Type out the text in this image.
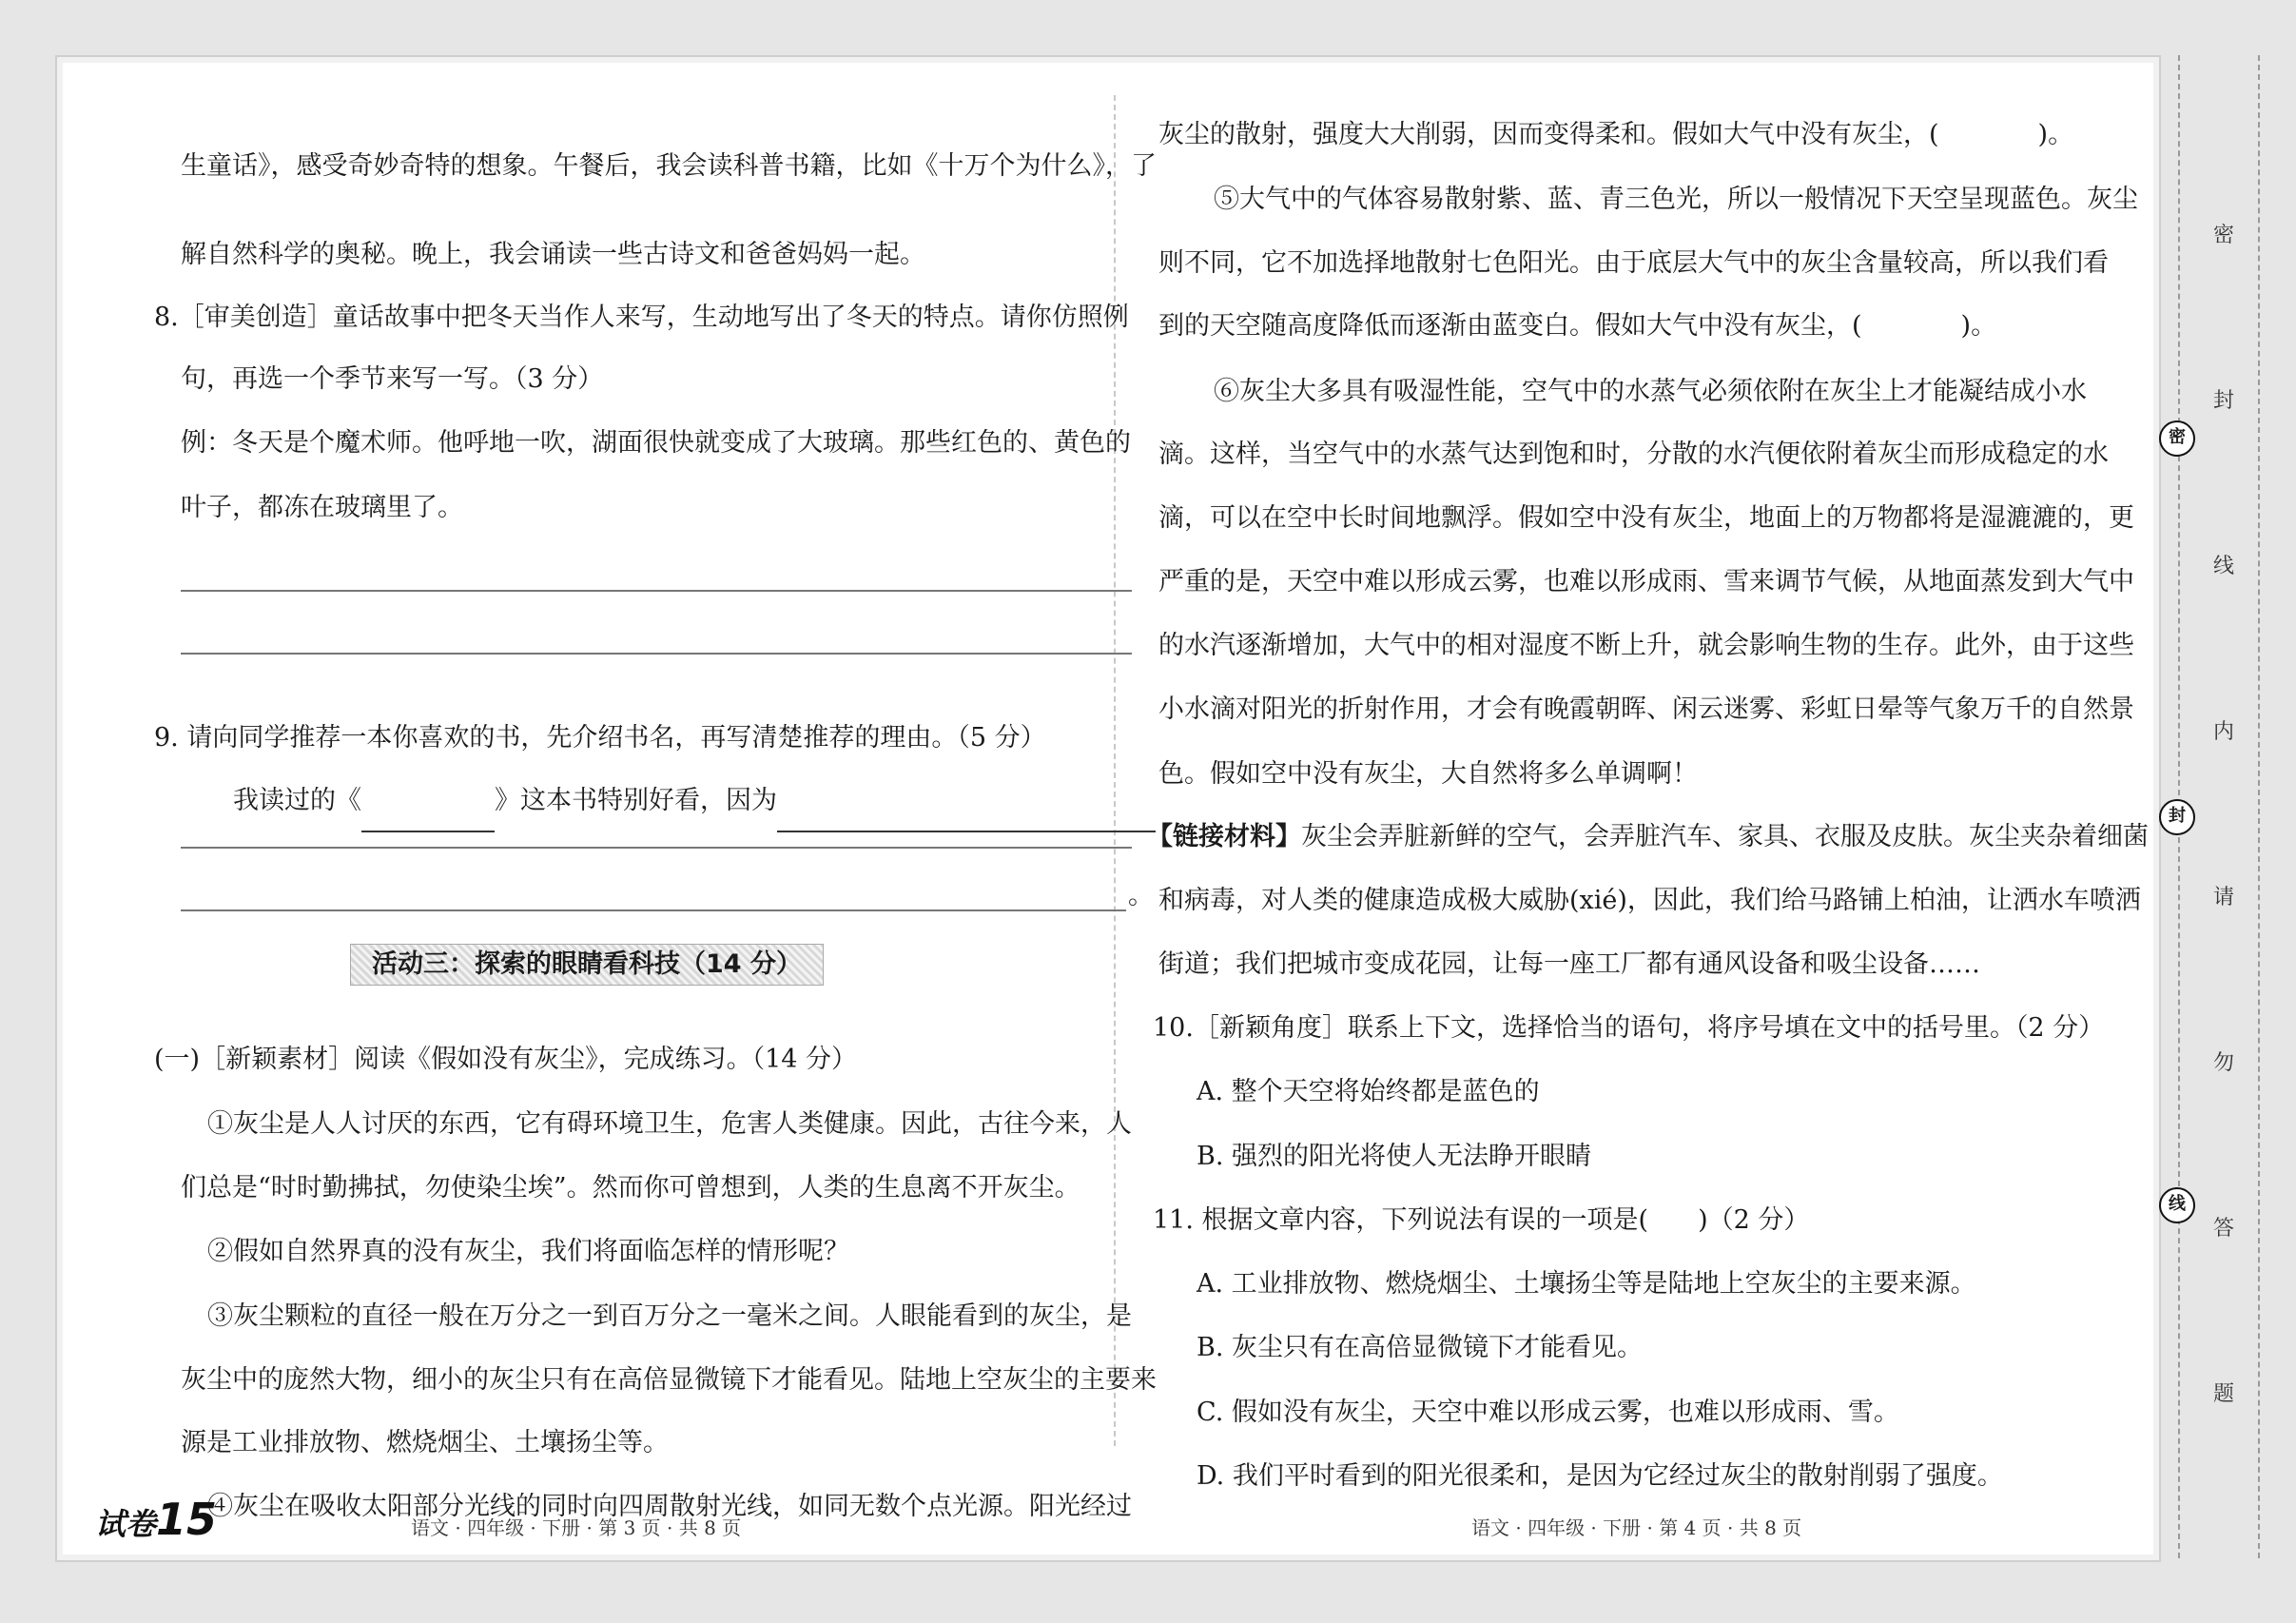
生童话》，感受奇妙奇特的想象。午餐后，我会读科普书籍，比如《十万个为什么》，了
解自然科学的奥秘。晚上，我会诵读一些古诗文和爸爸妈妈一起。
8.［审美创造］童话故事中把冬天当作人来写，生动地写出了冬天的特点。请你仿照例
句，再选一个季节来写一写。（3 分）
例：冬天是个魔术师。他呼地一吹，湖面很快就变成了大玻璃。那些红色的、黄色的
叶子，都冻在玻璃里了。
9. 请向同学推荐一本你喜欢的书，先介绍书名，再写清楚推荐的理由。（5 分）
我读过的《	》这本书特别好看，因为
。
(一)［新颖素材］阅读《假如没有灰尘》，完成练习。（14 分）
①灰尘是人人讨厌的东西，它有碍环境卫生，危害人类健康。因此，古往今来，人
们总是“时时勤拂拭，勿使染尘埃”。然而你可曾想到，人类的生息离不开灰尘。
②假如自然界真的没有灰尘，我们将面临怎样的情形呢？
③灰尘颗粒的直径一般在万分之一到百万分之一毫米之间。人眼能看到的灰尘，是
灰尘中的庞然大物，细小的灰尘只有在高倍显微镜下才能看见。陆地上空灰尘的主要来
源是工业排放物、燃烧烟尘、土壤扬尘等。
④灰尘在吸收太阳部分光线的同时向四周散射光线，如同无数个点光源。阳光经过
活动三：探索的眼睛看科技（14 分）
试卷15	语文 · 四年级 · 下册 · 第 3 页 · 共 8 页
灰尘的散射，强度大大削弱，因而变得柔和。假如大气中没有灰尘，(	)。
⑤大气中的气体容易散射紫、蓝、青三色光，所以一般情况下天空呈现蓝色。灰尘
则不同，它不加选择地散射七色阳光。由于底层大气中的灰尘含量较高，所以我们看
到的天空随高度降低而逐渐由蓝变白。假如大气中没有灰尘，(	)。
⑥灰尘大多具有吸湿性能，空气中的水蒸气必须依附在灰尘上才能凝结成小水
滴。这样，当空气中的水蒸气达到饱和时，分散的水汽便依附着灰尘而形成稳定的水
滴，可以在空中长时间地飘浮。假如空中没有灰尘，地面上的万物都将是湿漉漉的，更
严重的是，天空中难以形成云雾，也难以形成雨、雪来调节气候，从地面蒸发到大气中
的水汽逐渐增加，大气中的相对湿度不断上升，就会影响生物的生存。此外，由于这些
小水滴对阳光的折射作用，才会有晚霞朝晖、闲云迷雾、彩虹日晕等气象万千的自然景
色。假如空中没有灰尘，大自然将多么单调啊！
【链接材料】灰尘会弄脏新鲜的空气，会弄脏汽车、家具、衣服及皮肤。灰尘夹杂着细菌
和病毒，对人类的健康造成极大威胁(xié)，因此，我们给马路铺上柏油，让洒水车喷洒
街道；我们把城市变成花园，让每一座工厂都有通风设备和吸尘设备……
10.［新颖角度］联系上下文，选择恰当的语句，将序号填在文中的括号里。（2 分）
A. 整个天空将始终都是蓝色的
B. 强烈的阳光将使人无法睁开眼睛
11. 根据文章内容，下列说法有误的一项是( )（2 分）
A. 工业排放物、燃烧烟尘、土壤扬尘等是陆地上空灰尘的主要来源。
B. 灰尘只有在高倍显微镜下才能看见。
C. 假如没有灰尘，天空中难以形成云雾，也难以形成雨、雪。
D. 我们平时看到的阳光很柔和，是因为它经过灰尘的散射削弱了强度。
语文 · 四年级 · 下册 · 第 4 页 · 共 8 页
密
封
线
内
请
勿
答
题
密
封
线
